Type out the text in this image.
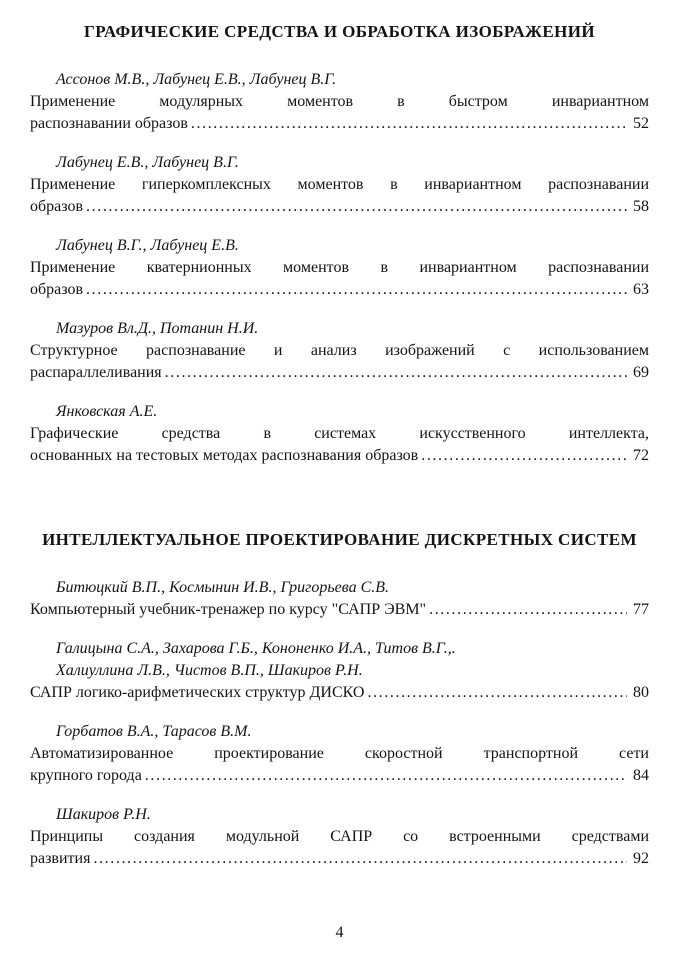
ГРАФИЧЕСКИЕ СРЕДСТВА И ОБРАБОТКА ИЗОБРАЖЕНИЙ

Ассонов М.В., Лабунец Е.В., Лабунец В.Г.

Применение модулярных моментов в быстром инвариантном

распознавании образов .....	52

Лабунец Е.В., Лабунец В.Г.

Применение гиперкомплексных моментов в инвариантном распознавании

образов .....	58

Лабунец В.Г., Лабунец Е.В.

Применение кватернионных моментов в инвариантном распознавании

образов .....	63

Мазуров Вл.Д., Потанин Н.И.

Структурное распознавание и анализ изображений с использованием

распараллеливания .....	69

Янковская А.Е.

Графические средства в системах искусственного интеллекта,

основанных на тестовых методах распознавания образов .....	72
ИНТЕЛЛЕКТУАЛЬНОЕ ПРОЕКТИРОВАНИЕ ДИСКРЕТНЫХ СИСТЕМ

Битюцкий В.П., Космынин И.В., Григорьева С.В.

Компьютерный учебник-тренажер по курсу "САПР ЭВМ" .....	77

Галицына С.А., Захарова Г.Б., Кононенко И.А., Титов В.Г.,.

Халиуллина Л.В., Чистов В.П., Шакиров Р.Н.

САПР логико-арифметических структур ДИСКО .....	80

Горбатов В.А., Тарасов В.М.

Автоматизированное проектирование скоростной транспортной сети

крупного города .....	84

Шакиров Р.Н.

Принципы создания модульной САПР со встроенными средствами

развития .....	92
4
